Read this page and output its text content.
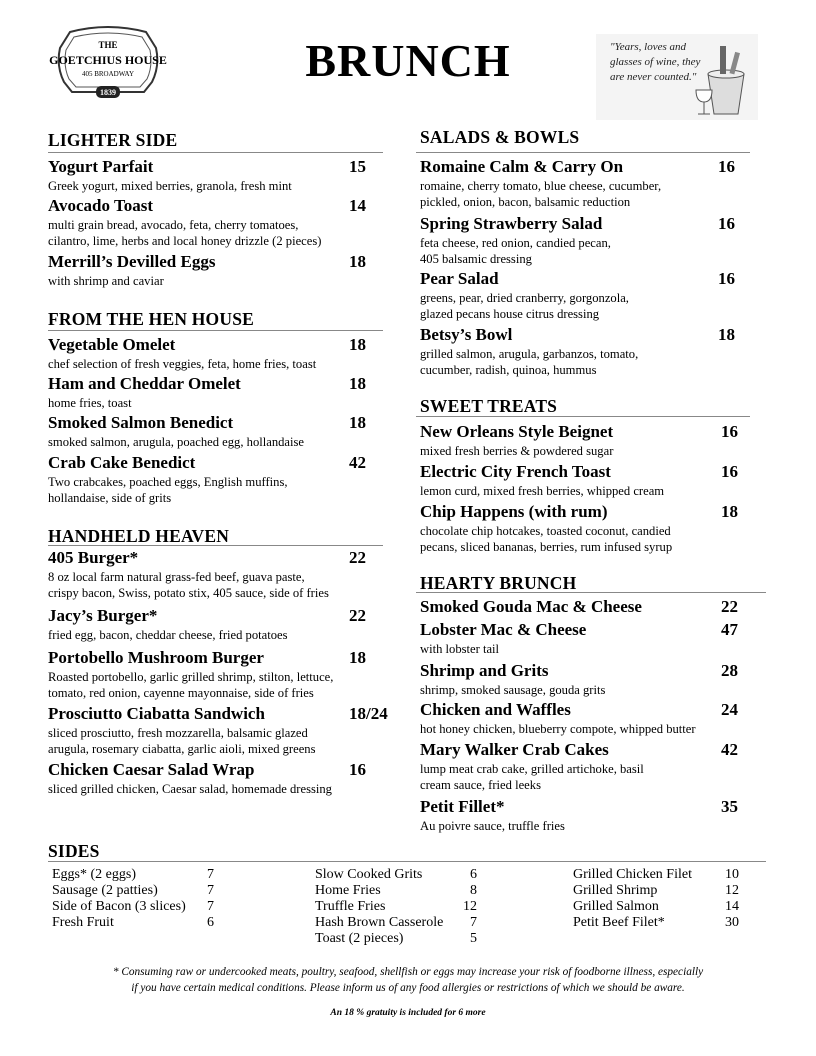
THE
GOETCHIUS HOUSE
405 BROADWAY
1839
BRUNCH	"Years, loves and glasses of wine, they are never counted."
LIGHTER SIDE
Yogurt Parfait	15
Greek yogurt, mixed berries, granola, fresh mint
Avocado Toast	14
multi grain bread, avocado, feta, cherry tomatoes,
cilantro, lime, herbs and local honey drizzle (2 pieces)
Merrill’s Devilled Eggs	18
with shrimp and caviar
FROM THE HEN HOUSE
Vegetable Omelet	18
chef selection of fresh veggies, feta, home fries, toast
Ham and Cheddar Omelet	18
home fries, toast
Smoked Salmon Benedict	18
smoked salmon, arugula, poached egg, hollandaise
Crab Cake Benedict	42
Two crabcakes, poached eggs, English muffins,
hollandaise, side of grits
HANDHELD HEAVEN
405 Burger*	22
8 oz local farm natural grass-fed beef, guava paste,
crispy bacon, Swiss, potato stix, 405 sauce, side of fries
Jacy’s Burger*	22
fried egg, bacon, cheddar cheese, fried potatoes
Portobello Mushroom Burger	18
Roasted portobello, garlic grilled shrimp, stilton, lettuce,
tomato, red onion, cayenne mayonnaise, side of fries
Prosciutto Ciabatta Sandwich	18/24
sliced prosciutto, fresh mozzarella, balsamic glazed
arugula, rosemary ciabatta, garlic aioli, mixed greens
Chicken Caesar Salad Wrap	16
sliced grilled chicken, Caesar salad, homemade dressing
SALADS & BOWLS
Romaine Calm & Carry On	16
romaine, cherry tomato, blue cheese, cucumber,
pickled, onion, bacon, balsamic reduction
Spring Strawberry Salad	16
feta cheese, red onion, candied pecan,
405 balsamic dressing
Pear Salad	16
greens, pear, dried cranberry, gorgonzola,
glazed pecans house citrus dressing
Betsy’s Bowl	18
grilled salmon, arugula, garbanzos, tomato,
cucumber, radish, quinoa, hummus
SWEET TREATS
New Orleans Style Beignet	16
mixed fresh berries & powdered sugar
Electric City French Toast	16
lemon curd, mixed fresh berries, whipped cream
Chip Happens (with rum)	18
chocolate chip hotcakes, toasted coconut, candied
pecans, sliced bananas, berries, rum infused syrup
HEARTY BRUNCH
Smoked Gouda Mac & Cheese	22
Lobster Mac & Cheese	47
with lobster tail
Shrimp and Grits	28
shrimp, smoked sausage, gouda grits
Chicken and Waffles	24
hot honey chicken, blueberry compote, whipped butter
Mary Walker Crab Cakes	42
lump meat crab cake, grilled artichoke, basil
cream sauce, fried leeks
Petit Fillet*	35
Au poivre sauce, truffle fries
SIDES
Eggs* (2 eggs)	7
Sausage (2 patties)	7
Side of Bacon (3 slices) 7
Fresh Fruit	6
Slow Cooked Grits	6
Home Fries	8
Truffle Fries	12
Hash Brown Casserole 7
Toast (2 pieces)	5
Grilled Chicken Filet 10
Grilled Shrimp	12
Grilled Salmon	14
Petit Beef Filet*	30
* Consuming raw or undercooked meats, poultry, seafood, shellfish or eggs may increase your risk of foodborne illness, especially
if you have certain medical conditions. Please inform us of any food allergies or restrictions of which we should be aware.
An 18 % gratuity is included for 6 more
